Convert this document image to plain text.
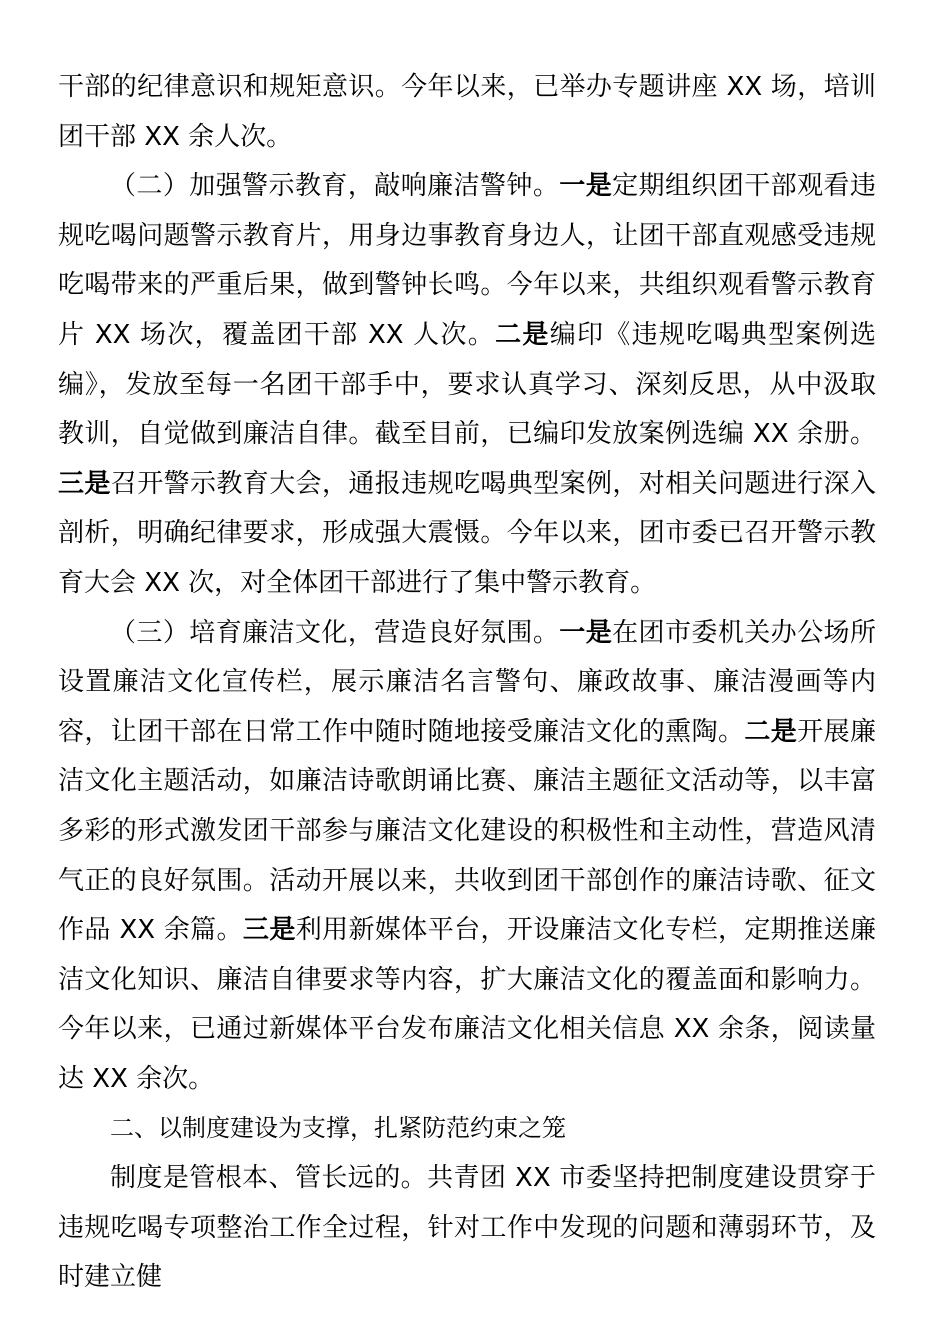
干部的纪律意识和规矩意识。今年以来，已举办专题讲座 XX 场，培训团干部 XX 余人次。

（二）加强警示教育，敲响廉洁警钟。一是定期组织团干部观看违规吃喝问题警示教育片，用身边事教育身边人，让团干部直观感受违规吃喝带来的严重后果，做到警钟长鸣。今年以来，共组织观看警示教育片 XX 场次，覆盖团干部 XX 人次。二是编印《违规吃喝典型案例选编》，发放至每一名团干部手中，要求认真学习、深刻反思，从中汲取教训，自觉做到廉洁自律。截至目前，已编印发放案例选编 XX 余册。三是召开警示教育大会，通报违规吃喝典型案例，对相关问题进行深入剖析，明确纪律要求，形成强大震慑。今年以来，团市委已召开警示教育大会 XX 次，对全体团干部进行了集中警示教育。

（三）培育廉洁文化，营造良好氛围。一是在团市委机关办公场所设置廉洁文化宣传栏，展示廉洁名言警句、廉政故事、廉洁漫画等内容，让团干部在日常工作中随时随地接受廉洁文化的熏陶。二是开展廉洁文化主题活动，如廉洁诗歌朗诵比赛、廉洁主题征文活动等，以丰富多彩的形式激发团干部参与廉洁文化建设的积极性和主动性，营造风清气正的良好氛围。活动开展以来，共收到团干部创作的廉洁诗歌、征文作品 XX 余篇。三是利用新媒体平台，开设廉洁文化专栏，定期推送廉洁文化知识、廉洁自律要求等内容，扩大廉洁文化的覆盖面和影响力。今年以来，已通过新媒体平台发布廉洁文化相关信息 XX 余条，阅读量达 XX 余次。

二、以制度建设为支撑，扎紧防范约束之笼

制度是管根本、管长远的。共青团 XX 市委坚持把制度建设贯穿于违规吃喝专项整治工作全过程，针对工作中发现的问题和薄弱环节，及时建立健
